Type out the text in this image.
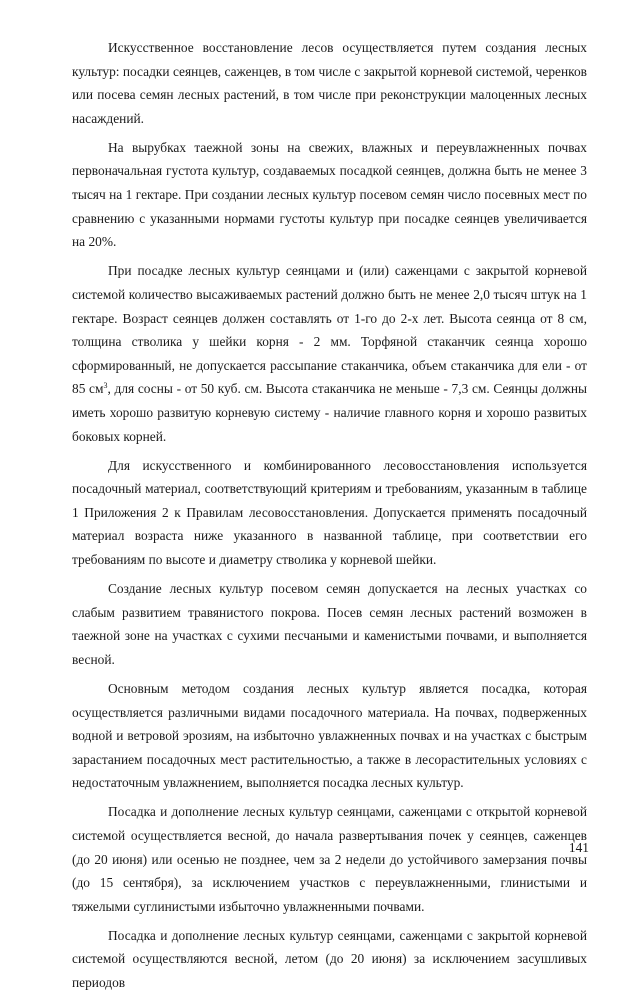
Искусственное восстановление лесов осуществляется путем создания лесных культур: посадки сеянцев, саженцев, в том числе с закрытой корневой системой, черенков или посева семян лесных растений, в том числе при реконструкции малоценных лесных насаждений.

На вырубках таежной зоны на свежих, влажных и переувлажненных почвах первоначальная густота культур, создаваемых посадкой сеянцев, должна быть не менее 3 тысяч на 1 гектаре. При создании лесных культур посевом семян число посевных мест по сравнению с указанными нормами густоты культур при посадке сеянцев увеличивается на 20%.

При посадке лесных культур сеянцами и (или) саженцами с закрытой корневой системой количество высаживаемых растений должно быть не менее 2,0 тысяч штук на 1 гектаре. Возраст сеянцев должен составлять от 1-го до 2-х лет. Высота сеянца от 8 см, толщина стволика у шейки корня - 2 мм. Торфяной стаканчик сеянца хорошо сформированный, не допускается рассыпание стаканчика, объем стаканчика для ели - от 85 $см^3$, для сосны - от 50 куб. см. Высота стаканчика не меньше - 7,3 см. Сеянцы должны иметь хорошо развитую корневую систему - наличие главного корня и хорошо развитых боковых корней.

Для искусственного и комбинированного лесовосстановления используется посадочный материал, соответствующий критериям и требованиям, указанным в таблице 1 Приложения 2 к Правилам лесовосстановления. Допускается применять посадочный материал возраста ниже указанного в названной таблице, при соответствии его требованиям по высоте и диаметру стволика у корневой шейки.

Создание лесных культур посевом семян допускается на лесных участках со слабым развитием травянистого покрова. Посев семян лесных растений возможен в таежной зоне на участках с сухими песчаными и каменистыми почвами, и выполняется весной.

Основным методом создания лесных культур является посадка, которая осуществляется различными видами посадочного материала. На почвах, подверженных водной и ветровой эрозиям, на избыточно увлажненных почвах и на участках с быстрым зарастанием посадочных мест растительностью, а также в лесорастительных условиях с недостаточным увлажнением, выполняется посадка лесных культур.

Посадка и дополнение лесных культур сеянцами, саженцами с открытой корневой системой осуществляется весной, до начала развертывания почек у сеянцев, саженцев (до 20 июня) или осенью не позднее, чем за 2 недели до устойчивого замерзания почвы (до 15 сентября), за исключением участков с переувлажненными, глинистыми и тяжелыми суглинистыми избыточно увлажненными почвами.

Посадка и дополнение лесных культур сеянцами, саженцами с закрытой корневой системой осуществляются весной, летом (до 20 июня) за исключением засушливых периодов

141
